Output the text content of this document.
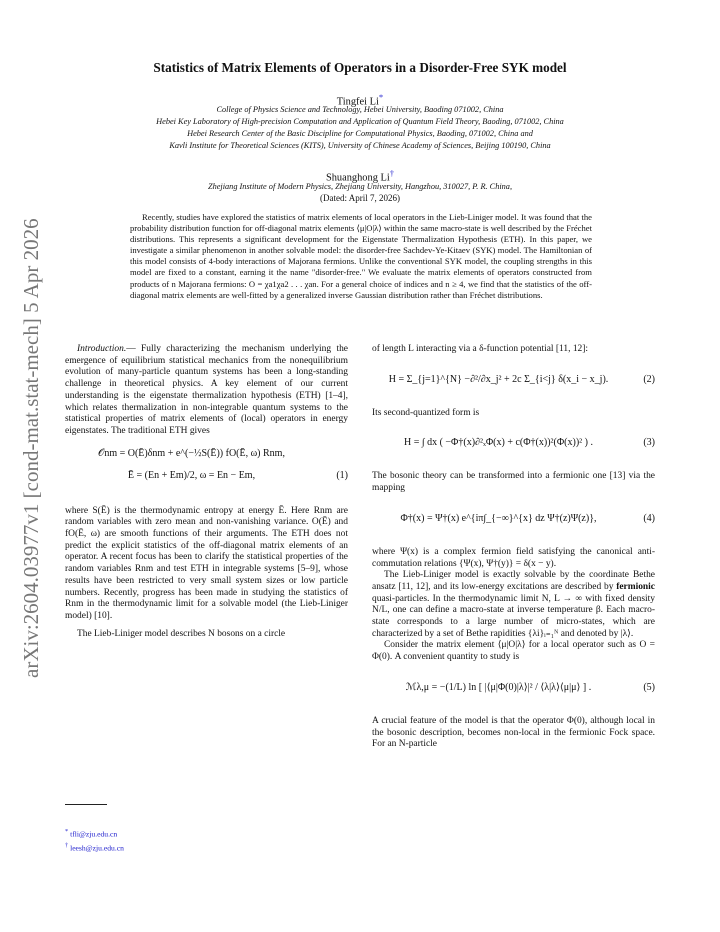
arXiv:2604.03977v1 [cond-mat.stat-mech] 5 Apr 2026
Statistics of Matrix Elements of Operators in a Disorder-Free SYK model
Tingfei Li*
College of Physics Science and Technology, Hebei University, Baoding 071002, China
Hebei Key Laboratory of High-precision Computation and Application of Quantum Field Theory, Baoding, 071002, China
Hebei Research Center of the Basic Discipline for Computational Physics, Baoding, 071002, China and
Kavli Institute for Theoretical Sciences (KITS), University of Chinese Academy of Sciences, Beijing 100190, China
Shuanghong Li†
Zhejiang Institute of Modern Physics, Zhejiang University, Hangzhou, 310027, P. R. China,
(Dated: April 7, 2026)
Recently, studies have explored the statistics of matrix elements of local operators in the Lieb-Liniger model. It was found that the probability distribution function for off-diagonal matrix elements ⟨μ|O|λ⟩ within the same macro-state is well described by the Fréchet distributions. This represents a significant development for the Eigenstate Thermalization Hypothesis (ETH). In this paper, we investigate a similar phenomenon in another solvable model: the disorder-free Sachdev-Ye-Kitaev (SYK) model. The Hamiltonian of this model consists of 4-body interactions of Majorana fermions. Unlike the conventional SYK model, the coupling strengths in this model are fixed to a constant, earning it the name "disorder-free." We evaluate the matrix elements of operators constructed from products of n Majorana fermions: O = χa1χa2 . . . χan. For a general choice of indices and n ≥ 4, we find that the statistics of the off-diagonal matrix elements are well-fitted by a generalized inverse Gaussian distribution rather than Fréchet distributions.

Introduction.— Fully characterizing the mechanism underlying the emergence of equilibrium statistical mechanics from the nonequilibrium evolution of many-particle quantum systems has been a long-standing challenge in theoretical physics. A key element of our current understanding is the eigenstate thermalization hypothesis (ETH) [1–4], which relates thermalization in non-integrable quantum systems to the statistical properties of matrix elements of (local) operators in energy eigenstates. The traditional ETH gives

𝒪nm = O(Ē)δnm + e^(−½S(Ē)) fO(Ē, ω) Rnm,
Ē = (En + Em)/2, ω = En − Em,	(1)

where S(Ē) is the thermodynamic entropy at energy Ē. Here Rnm are random variables with zero mean and non-vanishing variance. O(Ē) and fO(Ē, ω) are smooth functions of their arguments. The ETH does not predict the explicit statistics of the off-diagonal matrix elements of an operator. A recent focus has been to clarify the statistical properties of the random variables Rnm and test ETH in integrable systems [5–9], whose results have been restricted to very small system sizes or low particle numbers. Recently, progress has been made in studying the statistics of Rnm in the thermodynamic limit for a solvable model (the Lieb-Liniger model) [10].

The Lieb-Liniger model describes N bosons on a circle

of length L interacting via a δ-function potential [11, 12]:

H = Σ_{j=1}^{N} −∂²/∂x_j² + 2c Σ_{i<j} δ(x_i − x_j).	(2)

Its second-quantized form is

H = ∫ dx ( −Φ†(x)∂²ₓΦ(x) + c(Φ†(x))²(Φ(x))² ) .	(3)

The bosonic theory can be transformed into a fermionic one [13] via the mapping

Φ†(x) = Ψ†(x) e^{iπ∫_{−∞}^{x} dz Ψ†(z)Ψ(z)},	(4)

where Ψ(x) is a complex fermion field satisfying the canonical anti-commutation relations {Ψ(x), Ψ†(y)} = δ(x − y).

The Lieb-Liniger model is exactly solvable by the coordinate Bethe ansatz [11, 12], and its low-energy excitations are described by fermionic quasi-particles. In the thermodynamic limit N, L → ∞ with fixed density N/L, one can define a macro-state at inverse temperature β. Each macro-state corresponds to a large number of micro-states, which are characterized by a set of Bethe rapidities {λi}ᵢ₌₁ᴺ and denoted by |λ⟩.

Consider the matrix element ⟨μ|O|λ⟩ for a local operator such as O = Φ(0). A convenient quantity to study is

ℳλ,μ = −(1/L) ln [ |⟨μ|Φ(0)|λ⟩|² / ⟨λ|λ⟩⟨μ|μ⟩ ] .	(5)

A crucial feature of the model is that the operator Φ(0), although local in the bosonic description, becomes non-local in the fermionic Fock space. For an N-particle

* tfli@zju.edu.cn
† leesh@zju.edu.cn
